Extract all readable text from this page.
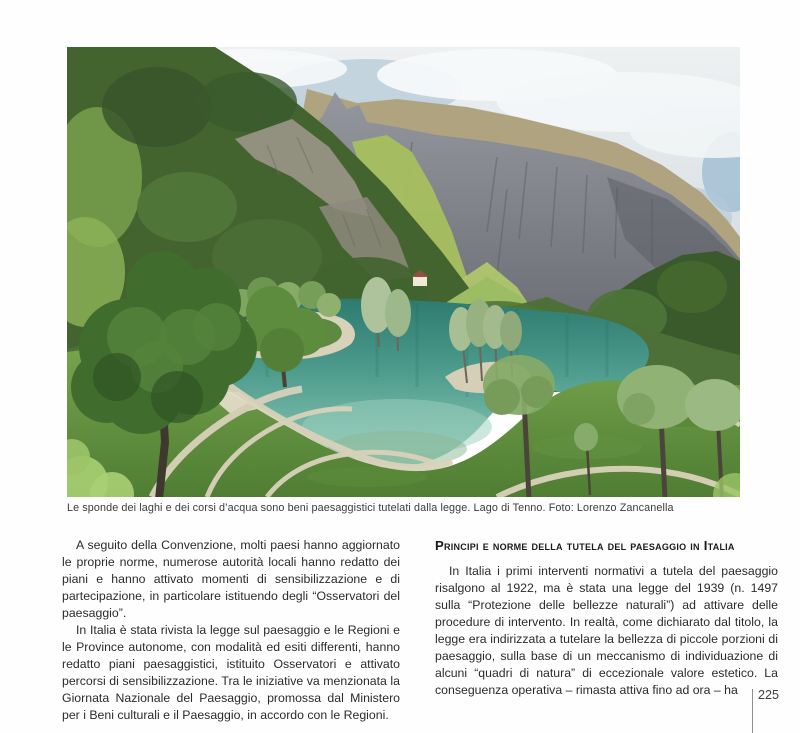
Le sponde dei laghi e dei corsi d’acqua sono beni paesaggistici tutelati dalla legge. Lago di Tenno. Foto: Lorenzo Zancanella

A seguito della Convenzione, molti paesi hanno aggiornato le proprie norme, numerose autorità locali hanno redatto dei piani e hanno attivato momenti di sensibilizzazione e di partecipazione, in particolare istituendo degli “Osservatori del paesaggio”.

In Italia è stata rivista la legge sul paesaggio e le Regioni e le Province autonome, con modalità ed esiti differenti, hanno redatto piani paesaggistici, istituito Osservatori e attivato percorsi di sensibilizzazione. Tra le iniziative va menzionata la Giornata Nazionale del Paesaggio, promossa dal Ministero per i Beni culturali e il Paesaggio, in accordo con le Regioni.

Principi e norme della tutela del paesaggio in Italia

In Italia i primi interventi normativi a tutela del paesaggio risalgono al 1922, ma è stata una legge del 1939 (n. 1497 sulla “Protezione delle bellezze naturali”) ad attivare delle procedure di intervento. In realtà, come dichiarato dal titolo, la legge era indirizzata a tutelare la bellezza di piccole porzioni di paesaggio, sulla base di un meccanismo di individuazione di alcuni “quadri di natura” di eccezionale valore estetico. La conseguenza operativa – rimasta attiva fino ad ora – ha	225
